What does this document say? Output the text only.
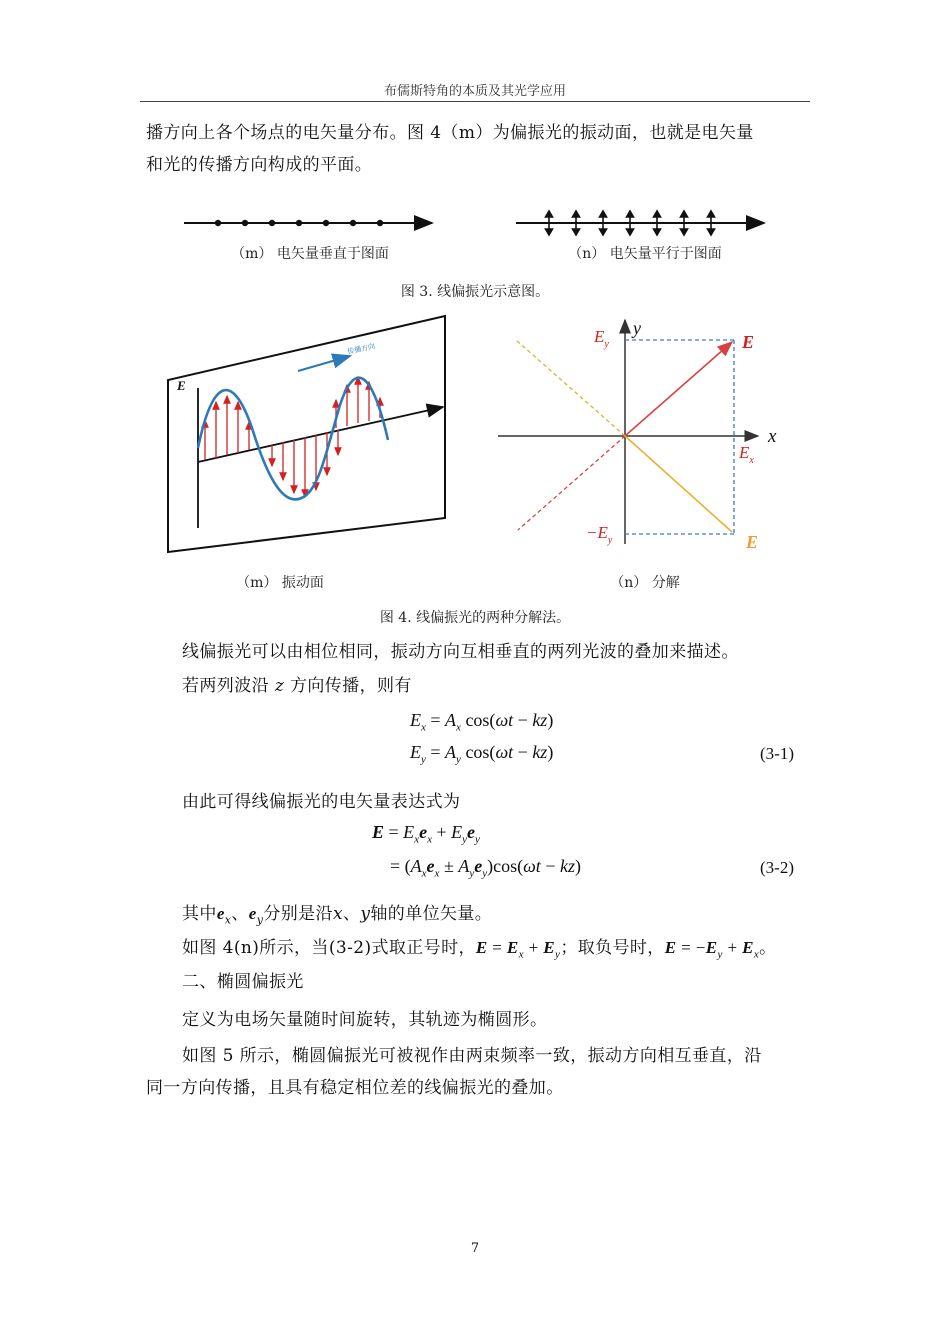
布儒斯特角的本质及其光学应用
播方向上各个场点的电矢量分布。图 4（m）为偏振光的振动面，也就是电矢量
和光的传播方向构成的平面。
（m） 电矢量垂直于图面	（n） 电矢量平行于图面
图 3. 线偏振光示意图。
E
传播方向
$E_y$
y
E
x
$E_x$
$-E_y$	E
（m） 振动面	（n） 分解
图 4. 线偏振光的两种分解法。
线偏振光可以由相位相同，振动方向互相垂直的两列光波的叠加来描述。
若两列波沿 z 方向传播，则有
$E_x = A_x$ cos(ωt − kz)
$E_y = A_y$ cos(ωt − kz)	(3-1)
由此可得线偏振光的电矢量表达式为
$E = E_xe_x + E_ye_y$
= $(A_xe_x \pm A_ye_y)\cos(\omega t - kz)$	(3-2)
其中$e_x$、$e_y$分别是沿x、y轴的单位矢量。
如图 4(n)所示，当(3-2)式取正号时，$E = E_x + E_y$；取负号时，$E = -E_y + E_x$。
二、椭圆偏振光
定义为电场矢量随时间旋转，其轨迹为椭圆形。
如图 5 所示，椭圆偏振光可被视作由两束频率一致，振动方向相互垂直，沿
同一方向传播，且具有稳定相位差的线偏振光的叠加。
7
